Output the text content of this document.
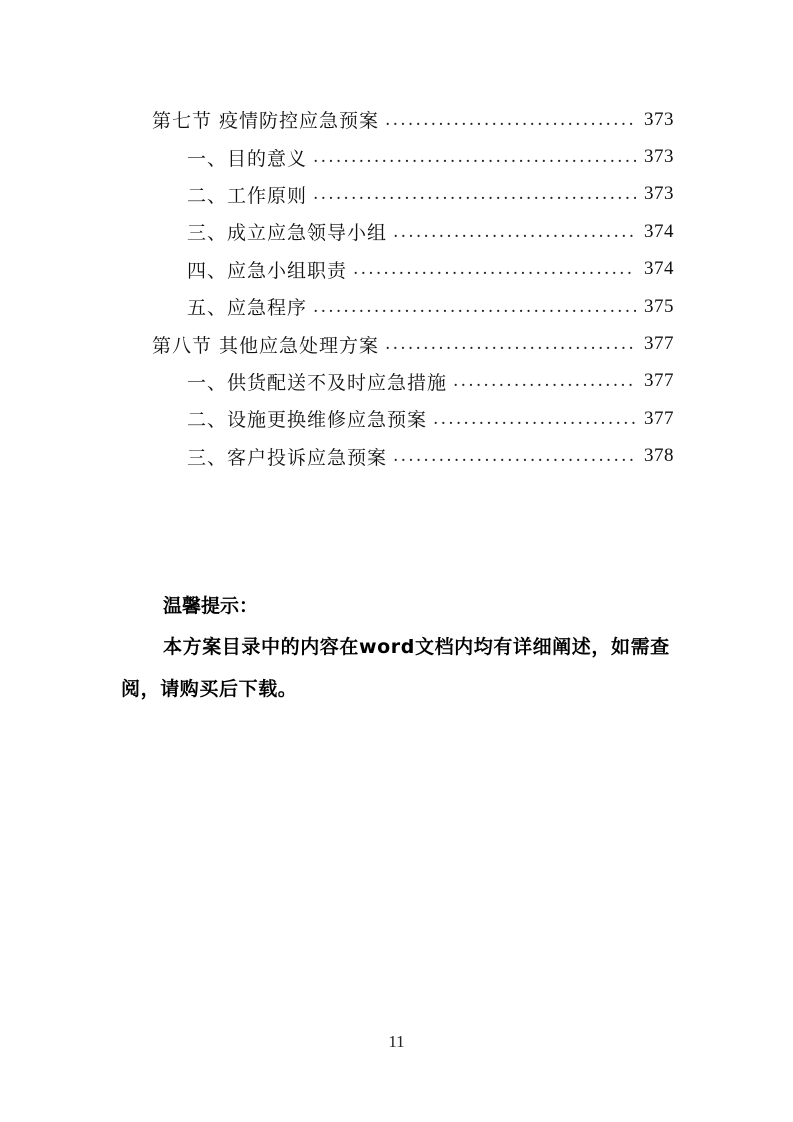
第七节 疫情防控应急预案 .....	373
一、目的意义 .....	373
二、工作原则 .....	373
三、成立应急领导小组 .....	374
四、应急小组职责 .....	374
五、应急程序 .....	375
第八节 其他应急处理方案 .....	377
一、供货配送不及时应急措施 .....	377
二、设施更换维修应急预案 .....	377
三、客户投诉应急预案 .....	378
温馨提示：
本方案目录中的内容在word文档内均有详细阐述，如需查阅，请购买后下载。
11
